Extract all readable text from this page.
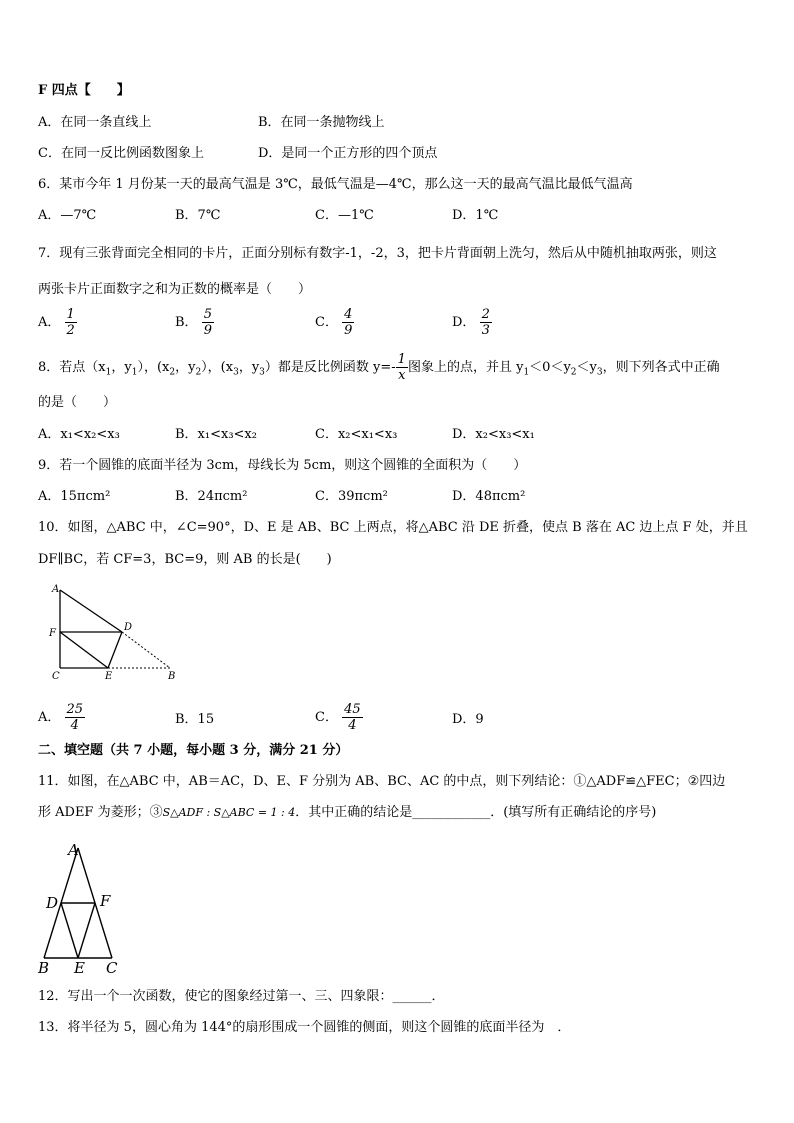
F 四点【　　】
A．在同一条直线上	B．在同一条抛物线上
C．在同一反比例函数图象上	D．是同一个正方形的四个顶点
6．某市今年 1 月份某一天的最高气温是 3℃，最低气温是—4℃，那么这一天的最高气温比最低气温高
A．—7℃	B．7℃	C．—1℃	D．1℃
7．现有三张背面完全相同的卡片，正面分别标有数字-1，-2，3，把卡片背面朝上洗匀，然后从中随机抽取两张，则这
两张卡片正面数字之和为正数的概率是（　　）
A． $\frac{1}{2}$	B． $\frac{5}{9}$	C． $\frac{4}{9}$	D． $\frac{2}{3}$
8．若点（$x_1$，$y_1$），($x_2$，$y_2$），($x_3$，$y_3$）都是反比例函数 $y=- \frac{1}{x}$ 图象上的点，并且 $y_1<0<y_2<y_3$，则下列各式中正确
的是（　　）
A．x₁<x₂<x₃	B．x₁<x₃<x₂	C．x₂<x₁<x₃	D．x₂<x₃<x₁
9．若一个圆锥的底面半径为 3cm，母线长为 5cm，则这个圆锥的全面积为（　　）
A．15πcm²	B．24πcm²	C．39πcm²	D．48πcm²
10．如图，△ABC 中，∠C=90°，D、E 是 AB、BC 上两点，将△ABC 沿 DE 折叠，使点 B 落在 AC 边上点 F 处，并且
DF∥BC，若 CF=3，BC=9，则 AB 的长是(　　)
A
D
F
C	E	B
A． $\frac{25}{4}$	B．15	C． $\frac{45}{4}$	D．9
二、填空题（共 7 小题，每小题 3 分，满分 21 分）
11．如图，在△ABC 中，AB＝AC，D、E、F 分别为 AB、BC、AC 的中点，则下列结论：①△ADF≌△FEC；②四边
形 ADEF 为菱形；③S△ADF : S△ABC = 1 : 4．其中正确的结论是____________．(填写所有正确结论的序号)
A
D	F
B E C
12．写出一个一次函数，使它的图象经过第一、三、四象限：______．
13．将半径为 5，圆心角为 144°的扇形围成一个圆锥的侧面，则这个圆锥的底面半径为　．
